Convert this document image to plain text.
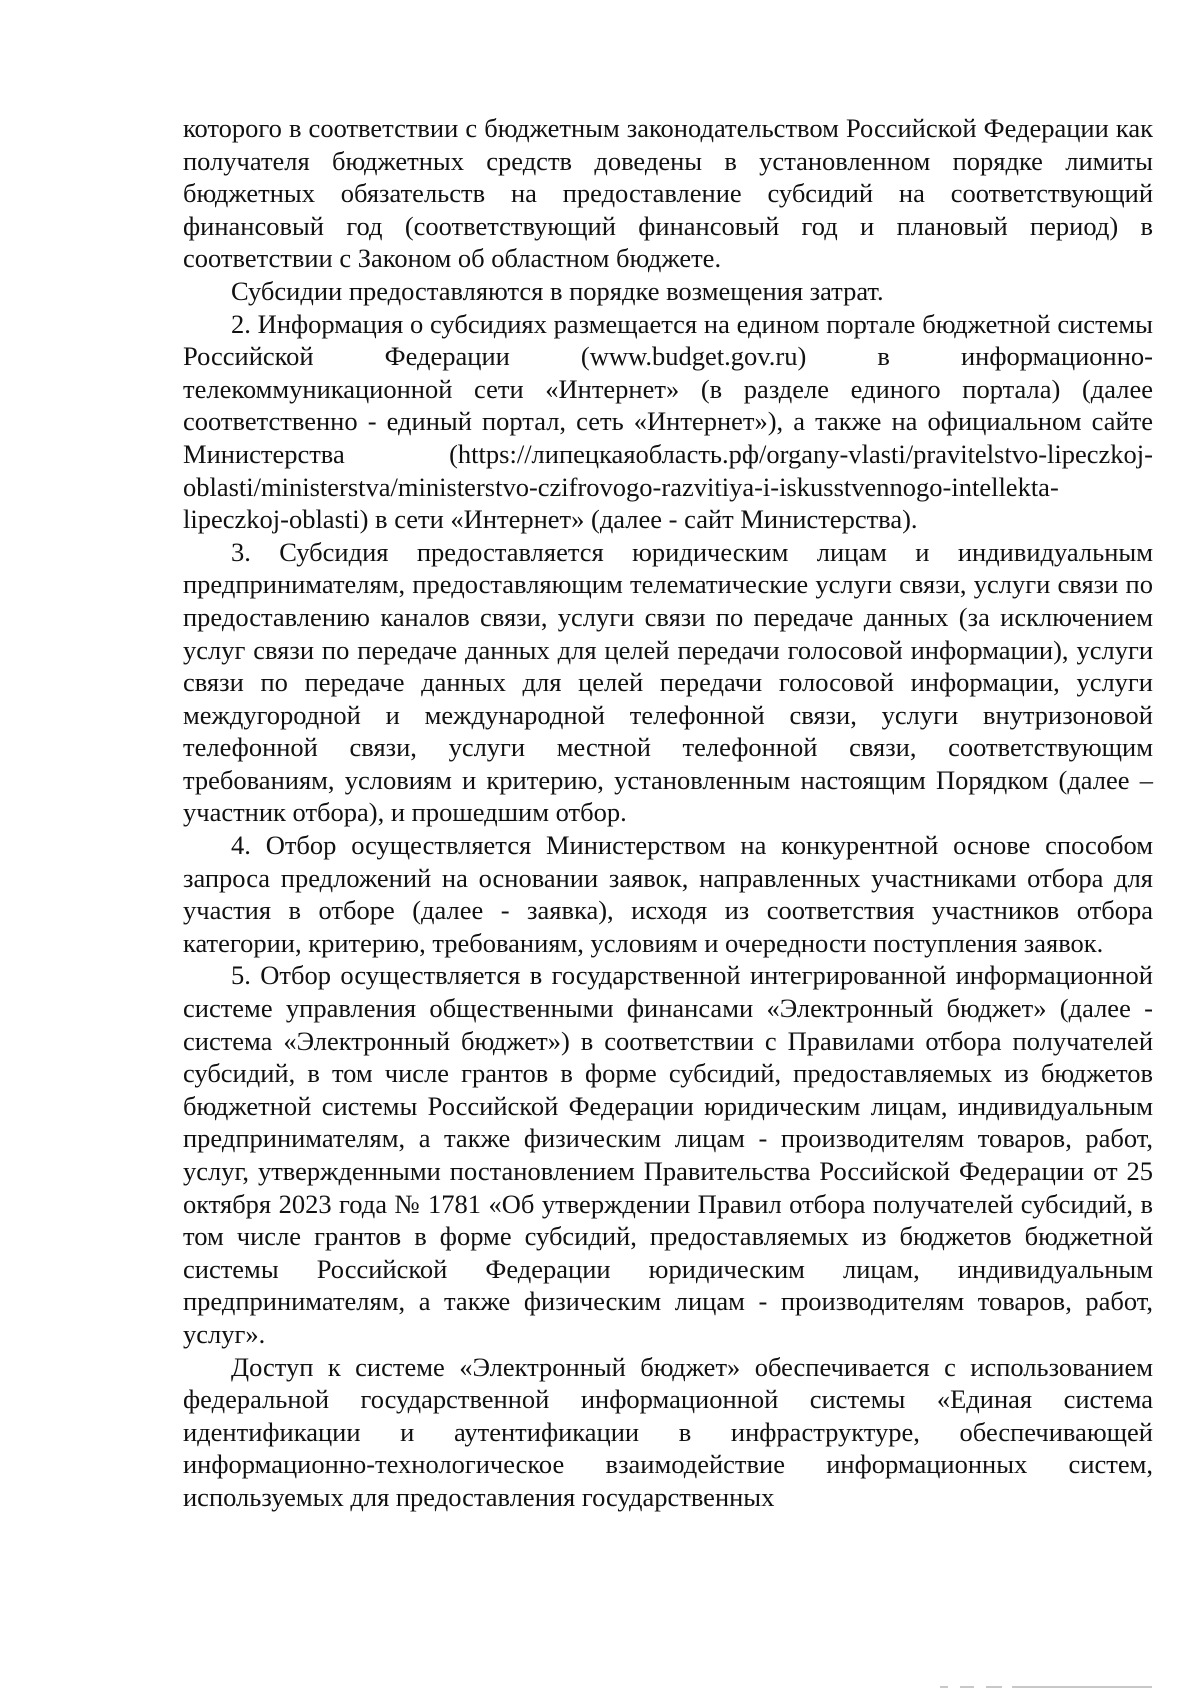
которого в соответствии с бюджетным законодательством Российской Федерации как получателя бюджетных средств доведены в установленном порядке лимиты бюджетных обязательств на предоставление субсидий на соответствующий финансовый год (соответствующий финансовый год и плановый период) в соответствии с Законом об областном бюджете.

Субсидии предоставляются в порядке возмещения затрат.

2. Информация о субсидиях размещается на едином портале бюджетной системы Российской Федерации (www.budget.gov.ru) в информационно-телекоммуникационной сети «Интернет» (в разделе единого портала) (далее соответственно - единый портал, сеть «Интернет»), а также на официальном сайте Министерства (https://липецкаяобласть.рф/organy-vlasti/pravitelstvo-lipeczkoj-oblasti/ministerstva/ministerstvo-czifrovogo-razvitiya-i-iskusstvennogo-intellekta-lipeczkoj-oblasti) в сети «Интернет» (далее - сайт Министерства).

3. Субсидия предоставляется юридическим лицам и индивидуальным предпринимателям, предоставляющим телематические услуги связи, услуги связи по предоставлению каналов связи, услуги связи по передаче данных (за исключением услуг связи по передаче данных для целей передачи голосовой информации), услуги связи по передаче данных для целей передачи голосовой информации, услуги междугородной и международной телефонной связи, услуги внутризоновой телефонной связи, услуги местной телефонной связи, соответствующим требованиям, условиям и критерию, установленным настоящим Порядком (далее – участник отбора), и прошедшим отбор.

4. Отбор осуществляется Министерством на конкурентной основе способом запроса предложений на основании заявок, направленных участниками отбора для участия в отборе (далее - заявка), исходя из соответствия участников отбора категории, критерию, требованиям, условиям и очередности поступления заявок.

5. Отбор осуществляется в государственной интегрированной информационной системе управления общественными финансами «Электронный бюджет» (далее - система «Электронный бюджет») в соответствии с Правилами отбора получателей субсидий, в том числе грантов в форме субсидий, предоставляемых из бюджетов бюджетной системы Российской Федерации юридическим лицам, индивидуальным предпринимателям, а также физическим лицам - производителям товаров, работ, услуг, утвержденными постановлением Правительства Российской Федерации от 25 октября 2023 года № 1781 «Об утверждении Правил отбора получателей субсидий, в том числе грантов в форме субсидий, предоставляемых из бюджетов бюджетной системы Российской Федерации юридическим лицам, индивидуальным предпринимателям, а также физическим лицам - производителям товаров, работ, услуг».

Доступ к системе «Электронный бюджет» обеспечивается с использованием федеральной государственной информационной системы «Единая система идентификации и аутентификации в инфраструктуре, обеспечивающей информационно-технологическое взаимодействие информационных систем, используемых для предоставления государственных
